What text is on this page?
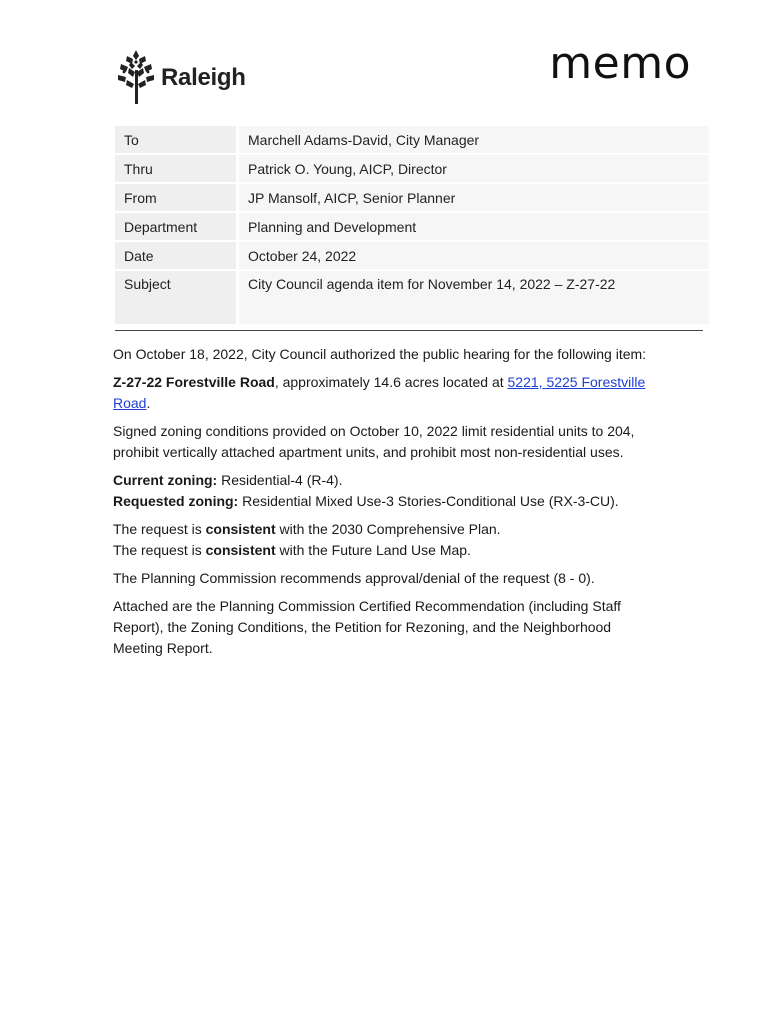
Raleigh	memo
To		Marchell Adams-David, City Manager
Thru		Patrick O. Young, AICP, Director
From		JP Mansolf, AICP, Senior Planner
Department		Planning and Development
Date		October 24, 2022
Subject		City Council agenda item for November 14, 2022 – Z-27-22

On October 18, 2022, City Council authorized the public hearing for the following item:

Z-27-22 Forestville Road, approximately 14.6 acres located at 5221, 5225 Forestville Road.

Signed zoning conditions provided on October 10, 2022 limit residential units to 204, prohibit vertically attached apartment units, and prohibit most non-residential uses.

Current zoning: Residential-4 (R-4).
Requested zoning: Residential Mixed Use-3 Stories-Conditional Use (RX-3-CU).

The request is consistent with the 2030 Comprehensive Plan.
The request is consistent with the Future Land Use Map.

The Planning Commission recommends approval/denial of the request (8 - 0).

Attached are the Planning Commission Certified Recommendation (including Staff Report), the Zoning Conditions, the Petition for Rezoning, and the Neighborhood Meeting Report.
